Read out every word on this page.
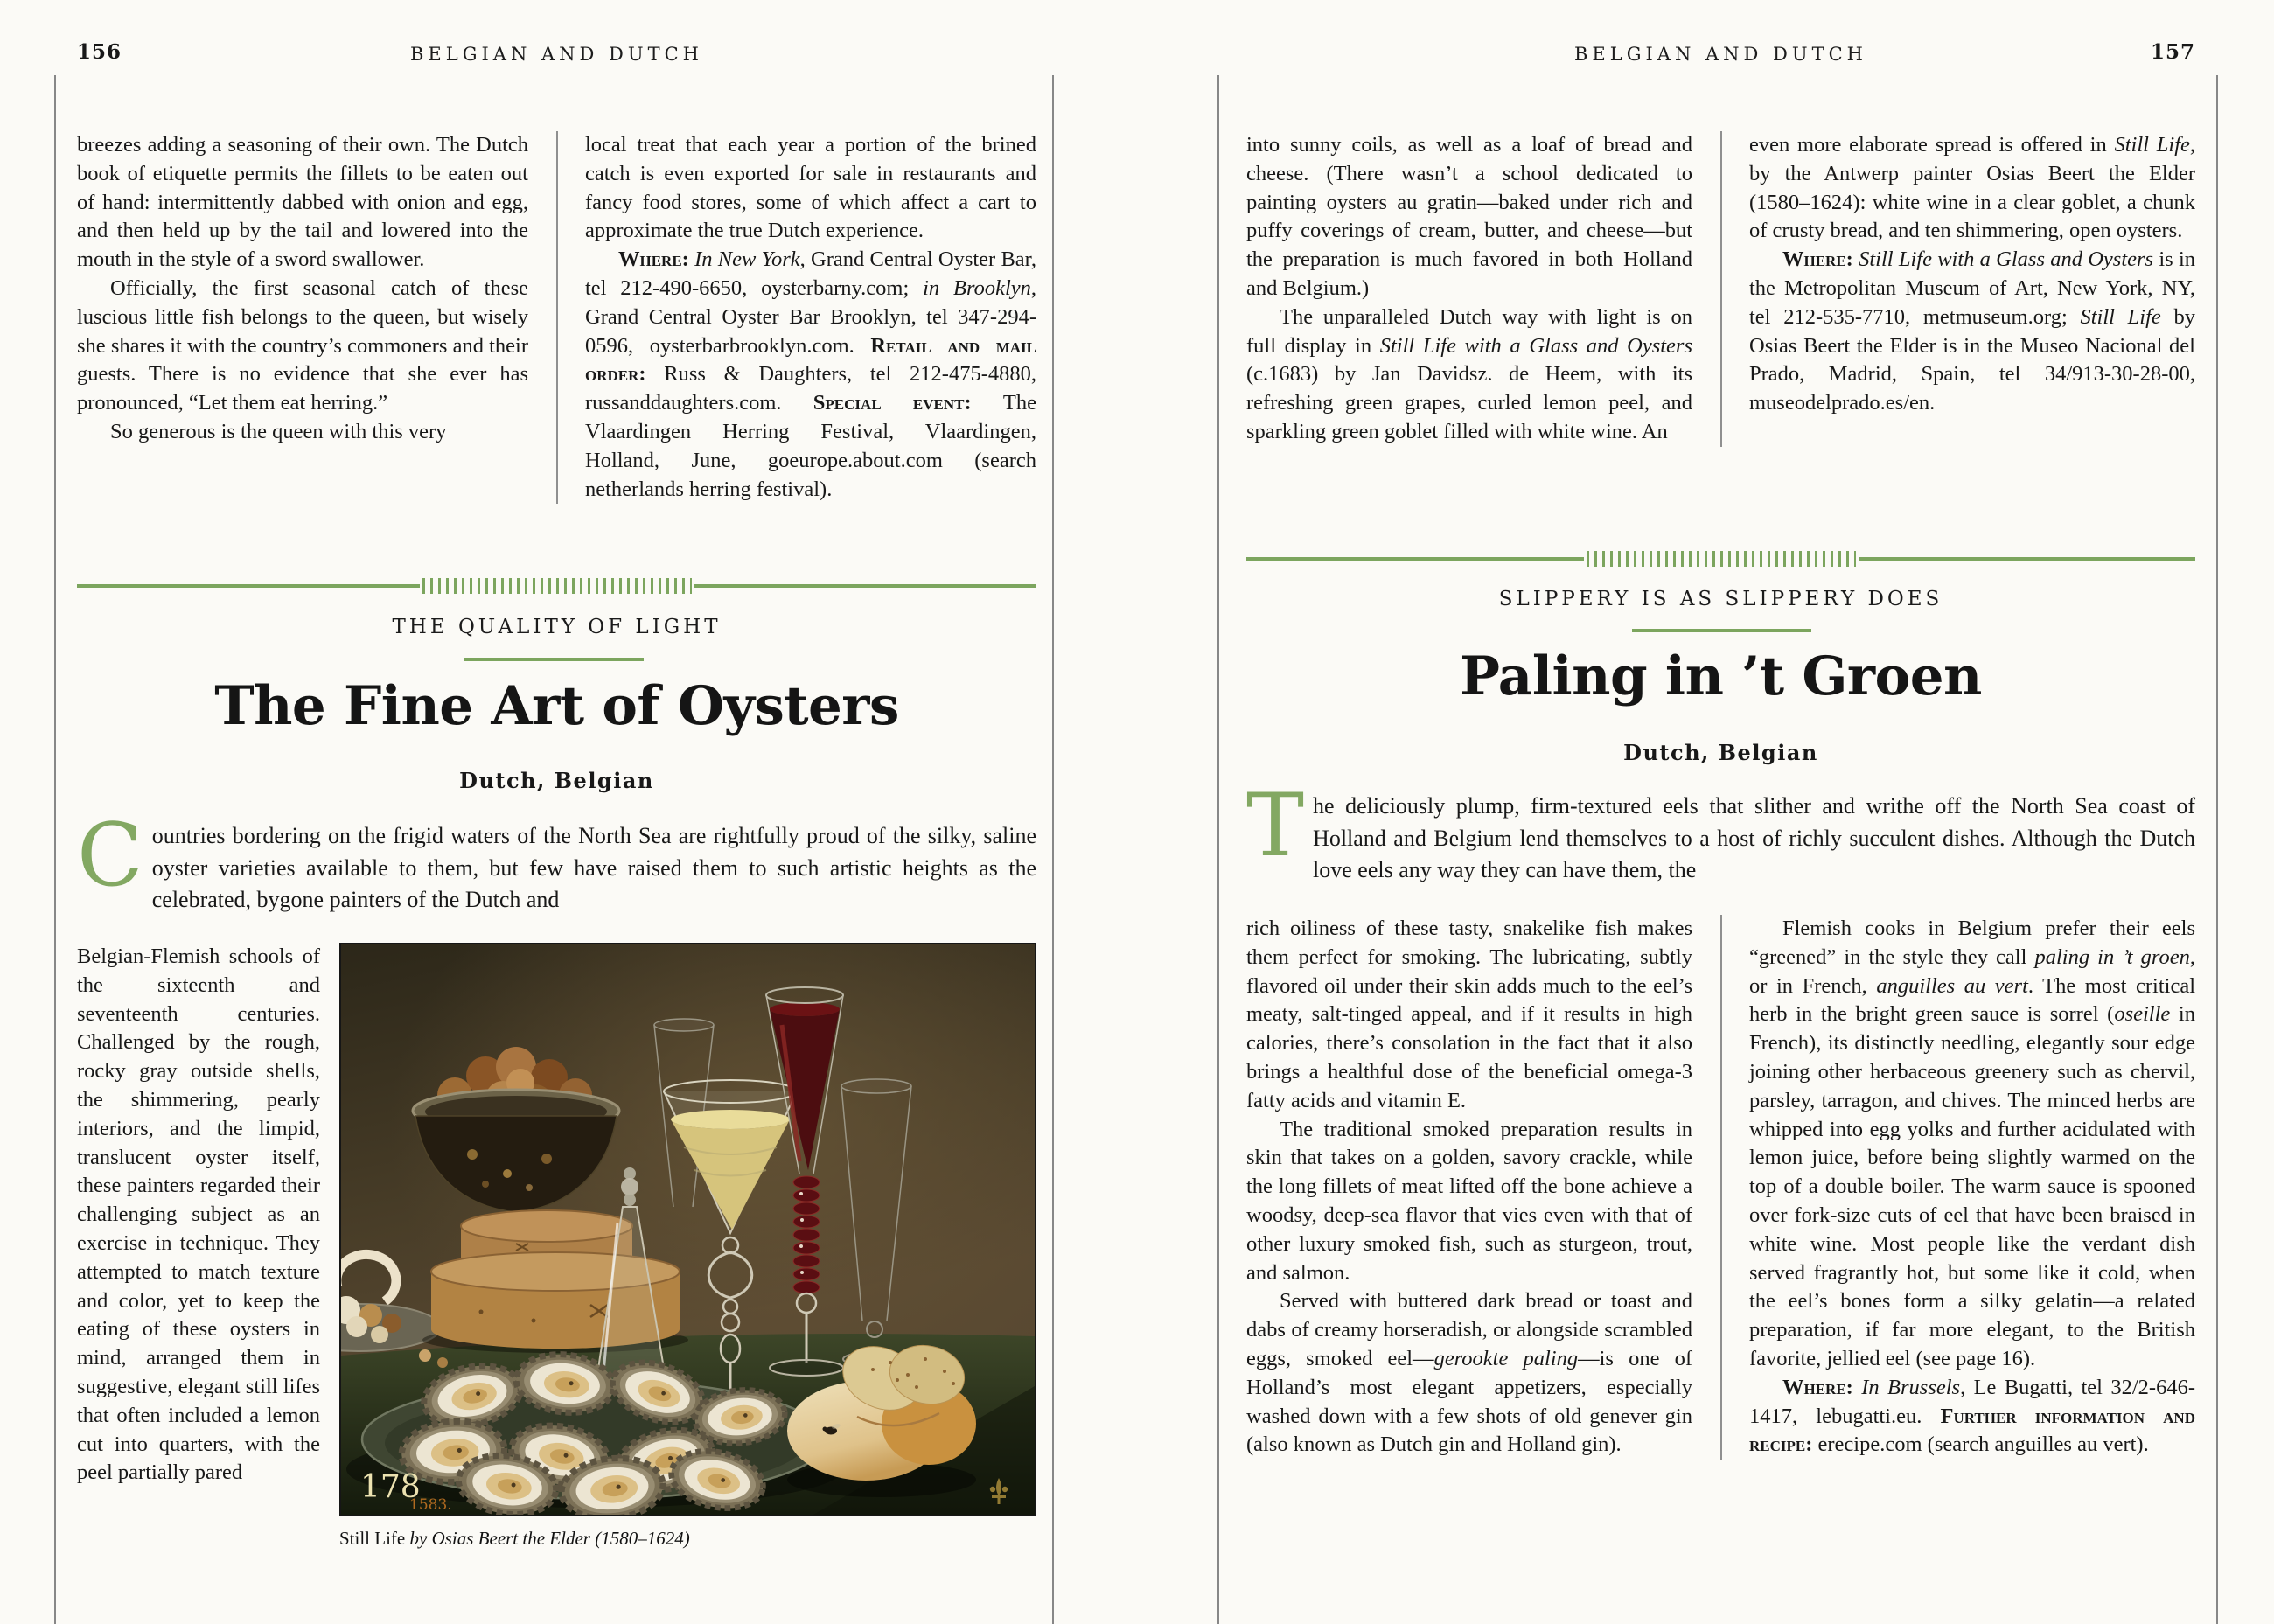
156	BELGIAN AND DUTCH	BELGIAN AND DUTCH	157

breezes adding a seasoning of their own. The Dutch book of etiquette permits the fillets to be eaten out of hand: intermittently dabbed with onion and egg, and then held up by the tail and lowered into the mouth in the style of a sword swallower.

Officially, the first seasonal catch of these luscious little fish belongs to the queen, but wisely she shares it with the country’s commoners and their guests. There is no evidence that she ever has pronounced, “Let them eat herring.”

So generous is the queen with this very

local treat that each year a portion of the brined catch is even exported for sale in restaurants and fancy food stores, some of which affect a cart to approximate the true Dutch experience.

Where: In New York, Grand Central Oyster Bar, tel 212-490-6650, oysterbarny.com; in Brooklyn, Grand Central Oyster Bar Brooklyn, tel 347-294-0596, oysterbarbrooklyn.com. Retail and mail order: Russ & Daughters, tel 212-475-4880, russanddaughters.com. Special event: The Vlaardingen Herring Festival, Vlaardingen, Holland, June, goeurope.about.com (search netherlands herring festival).

THE QUALITY OF LIGHT
The Fine Art of Oysters
Dutch, Belgian
Countries bordering on the frigid waters of the North Sea are rightfully proud of the silky, saline oyster varieties available to them, but few have raised them to such artistic heights as the celebrated, bygone painters of the Dutch and

Belgian-Flemish schools of the sixteenth and seventeenth centuries. Challenged by the rough, rocky gray outside shells, the shimmering, pearly interiors, and the limpid, translucent oyster itself, these painters regarded their challenging subject as an exercise in technique. They attempted to match texture and color, yet to keep the eating of these oysters in mind, arranged them in suggestive, elegant still lifes that often included a lemon cut into quarters, with the peel partially pared	178
1583.
Still Life by Osias Beert the Elder (1580–1624)

into sunny coils, as well as a loaf of bread and cheese. (There wasn’t a school dedicated to painting oysters au gratin—baked under rich and puffy coverings of cream, butter, and cheese—but the preparation is much favored in both Holland and Belgium.)

The unparalleled Dutch way with light is on full display in Still Life with a Glass and Oysters (c.1683) by Jan Davidsz. de Heem, with its refreshing green grapes, curled lemon peel, and sparkling green goblet filled with white wine. An

even more elaborate spread is offered in Still Life, by the Antwerp painter Osias Beert the Elder (1580–1624): white wine in a clear goblet, a chunk of crusty bread, and ten shimmering, open oysters.

Where: Still Life with a Glass and Oysters is in the Metropolitan Museum of Art, New York, NY, tel 212-535-7710, metmuseum.org; Still Life by Osias Beert the Elder is in the Museo Nacional del Prado, Madrid, Spain, tel 34/913-30-28-00, museodelprado.es/en.

SLIPPERY IS AS SLIPPERY DOES
Paling in ’t Groen
Dutch, Belgian
The deliciously plump, firm-textured eels that slither and writhe off the North Sea coast of Holland and Belgium lend themselves to a host of richly succulent dishes. Although the Dutch love eels any way they can have them, the

rich oiliness of these tasty, snakelike fish makes them perfect for smoking. The lubricating, subtly flavored oil under their skin adds much to the eel’s meaty, salt-tinged appeal, and if it results in high calories, there’s consolation in the fact that it also brings a healthful dose of the beneficial omega-3 fatty acids and vitamin E.

The traditional smoked preparation results in skin that takes on a golden, savory crackle, while the long fillets of meat lifted off the bone achieve a woodsy, deep-sea flavor that vies even with that of other luxury smoked fish, such as sturgeon, trout, and salmon.

Served with buttered dark bread or toast and dabs of creamy horseradish, or alongside scrambled eggs, smoked eel—gerookte paling—is one of Holland’s most elegant appetizers, especially washed down with a few shots of old genever gin (also known as Dutch gin and Holland gin).

Flemish cooks in Belgium prefer their eels “greened” in the style they call paling in ’t groen, or in French, anguilles au vert. The most critical herb in the bright green sauce is sorrel (oseille in French), its distinctly needling, elegantly sour edge joining other herbaceous greenery such as chervil, parsley, tarragon, and chives. The minced herbs are whipped into egg yolks and further acidulated with lemon juice, before being slightly warmed on the top of a double boiler. The warm sauce is spooned over fork-size cuts of eel that have been braised in white wine. Most people like the verdant dish served fragrantly hot, but some like it cold, when the eel’s bones form a silky gelatin—a related preparation, if far more elegant, to the British favorite, jellied eel (see page 16).

Where: In Brussels, Le Bugatti, tel 32/2-646-1417, lebugatti.eu. Further information and recipe: erecipe.com (search anguilles au vert).
